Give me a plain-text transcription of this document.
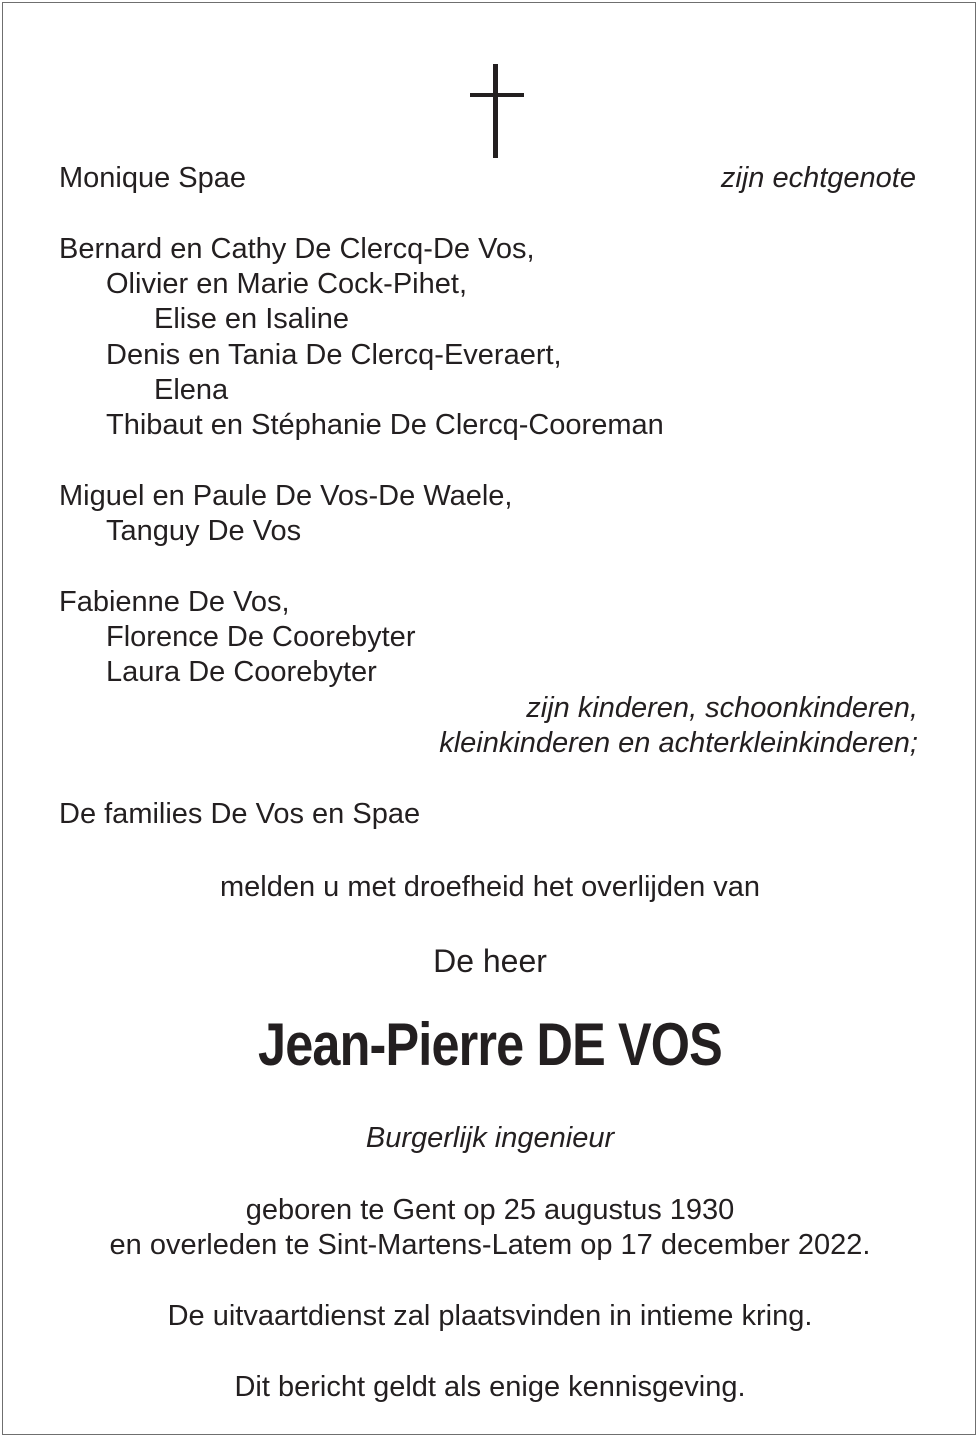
Monique Spae	zijn echtgenote
Bernard en Cathy De Clercq-De Vos,
Olivier en Marie Cock-Pihet,
Elise en Isaline
Denis en Tania De Clercq-Everaert,
Elena
Thibaut en Stéphanie De Clercq-Cooreman
Miguel en Paule De Vos-De Waele,
Tanguy De Vos
Fabienne De Vos,
Florence De Coorebyter
Laura De Coorebyter
zijn kinderen, schoonkinderen,
kleinkinderen en achterkleinkinderen;
De families De Vos en Spae
melden u met droefheid het overlijden van
De heer
Jean-Pierre DE VOS
Burgerlijk ingenieur
geboren te Gent op 25 augustus 1930
en overleden te Sint-Martens-Latem op 17 december 2022.
De uitvaartdienst zal plaatsvinden in intieme kring.
Dit bericht geldt als enige kennisgeving.
